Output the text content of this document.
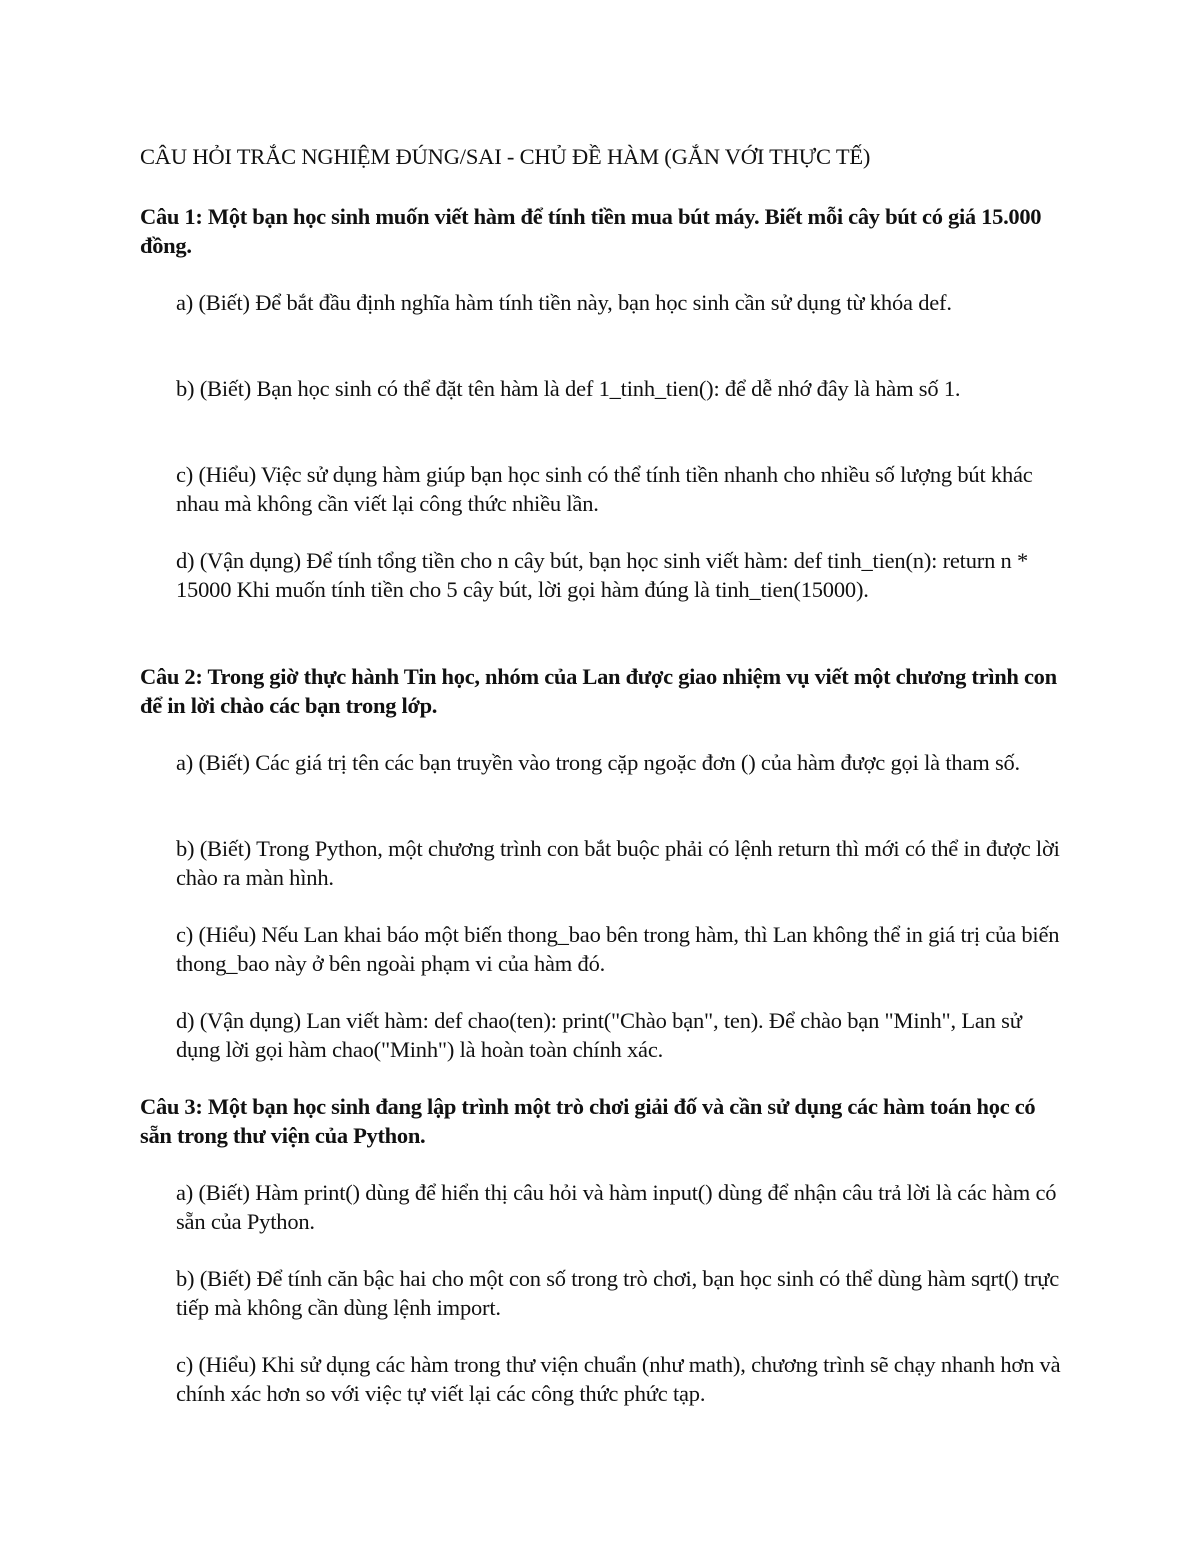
CÂU HỎI TRẮC NGHIỆM ĐÚNG/SAI - CHỦ ĐỀ HÀM (GẮN VỚI THỰC TẾ)
Câu 1: Một bạn học sinh muốn viết hàm để tính tiền mua bút máy. Biết mỗi cây bút có giá 15.000 đồng.
a) (Biết) Để bắt đầu định nghĩa hàm tính tiền này, bạn học sinh cần sử dụng từ khóa def.
b) (Biết) Bạn học sinh có thể đặt tên hàm là def 1_tinh_tien(): để dễ nhớ đây là hàm số 1.
c) (Hiểu) Việc sử dụng hàm giúp bạn học sinh có thể tính tiền nhanh cho nhiều số lượng bút khác nhau mà không cần viết lại công thức nhiều lần.
d) (Vận dụng) Để tính tổng tiền cho n cây bút, bạn học sinh viết hàm: def tinh_tien(n): return n * 15000 Khi muốn tính tiền cho 5 cây bút, lời gọi hàm đúng là tinh_tien(15000).
Câu 2: Trong giờ thực hành Tin học, nhóm của Lan được giao nhiệm vụ viết một chương trình con để in lời chào các bạn trong lớp.
a) (Biết) Các giá trị tên các bạn truyền vào trong cặp ngoặc đơn () của hàm được gọi là tham số.
b) (Biết) Trong Python, một chương trình con bắt buộc phải có lệnh return thì mới có thể in được lời chào ra màn hình.
c) (Hiểu) Nếu Lan khai báo một biến thong_bao bên trong hàm, thì Lan không thể in giá trị của biến thong_bao này ở bên ngoài phạm vi của hàm đó.
d) (Vận dụng) Lan viết hàm: def chao(ten): print("Chào bạn", ten). Để chào bạn "Minh", Lan sử dụng lời gọi hàm chao("Minh") là hoàn toàn chính xác.
Câu 3: Một bạn học sinh đang lập trình một trò chơi giải đố và cần sử dụng các hàm toán học có sẵn trong thư viện của Python.
a) (Biết) Hàm print() dùng để hiển thị câu hỏi và hàm input() dùng để nhận câu trả lời là các hàm có sẵn của Python.
b) (Biết) Để tính căn bậc hai cho một con số trong trò chơi, bạn học sinh có thể dùng hàm sqrt() trực tiếp mà không cần dùng lệnh import.
c) (Hiểu) Khi sử dụng các hàm trong thư viện chuẩn (như math), chương trình sẽ chạy nhanh hơn và chính xác hơn so với việc tự viết lại các công thức phức tạp.
